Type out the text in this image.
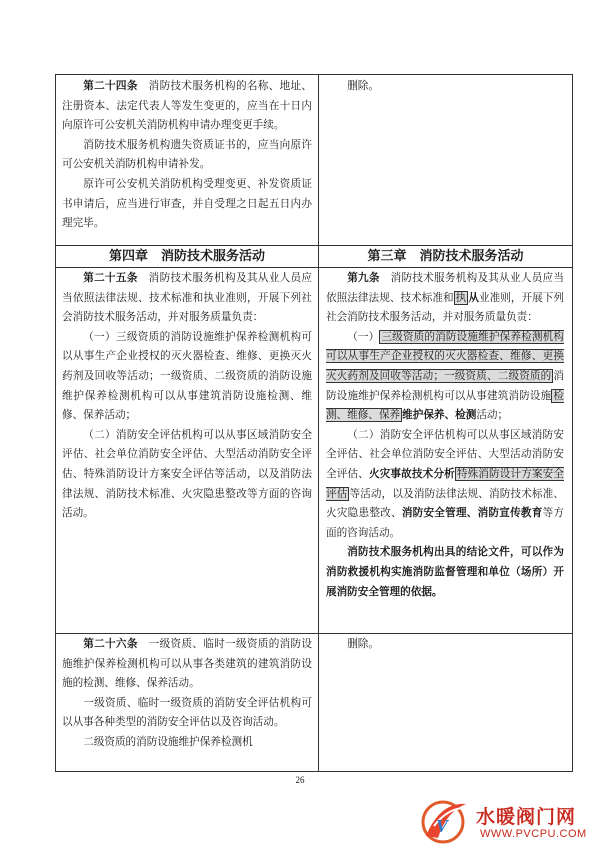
第二十四条　 消防技术服务机构的名称、地址、注册资本、法定代表人等发生变更的，应当在十日内向原许可公安机关消防机构申请办理变更手续。

消防技术服务机构遗失资质证书的，应当向原许可公安机关消防机构申请补发。

原许可公安机关消防机构受理变更、补发资质证书申请后，应当进行审查，并自受理之日起五日内办理完毕。

删除。

第四章　消防技术服务活动	第三章　消防技术服务活动

第二十五条　 消防技术服务机构及其从业人员应当依照法律法规、技术标准和执业准则，开展下列社会消防技术服务活动，并对服务质量负责：

（一）三级资质的消防设施维护保养检测机构可以从事生产企业授权的灭火器检查、维修、更换灭火药剂及回收等活动；一级资质、二级资质的消防设施维护保养检测机构可以从事建筑消防设施检测、维修、保养活动；

（二）消防安全评估机构可以从事区域消防安全评估、社会单位消防安全评估、大型活动消防安全评估、特殊消防设计方案安全评估等活动，以及消防法律法规、消防技术标准、火灾隐患整改等方面的咨询活动。

第九条　 消防技术服务机构及其从业人员应当依照法律法规、技术标准和 执 从业准则，开展下列社会消防技术服务活动，并对服务质量负责：

（一） 三级资质的消防设施维护保养检测机构可以从事生产企业授权的灭火器检查、维修、更换灭火药剂及回收等活动；一级资质、二级资质的 消防设施维护保养检测机构可以从事建筑消防设施 检测、维修、保养 维护保养、检测活动；

（二）消防安全评估机构可以从事区域消防安全评估、社会单位消防安全评估、大型活动消防安全评估、火灾事故技术分析 特殊消防设计方案安全评估 等活动，以及消防法律法规、消防技术标准、火灾隐患整改、消防安全管理、消防宣传教育等方面的咨询活动。

消防技术服务机构出具的结论文件，可以作为消防救援机构实施消防监督管理和单位（场所）开展消防安全管理的依据。

第二十六条　 一级资质、临时一级资质的消防设施维护保养检测机构可以从事各类建筑的建筑消防设施的检测、维修、保养活动。

一级资质、临时一级资质的消防安全评估机构可以从事各种类型的消防安全评估以及咨询活动。

二级资质的消防设施维护保养检测机

删除。

26
V 水暖阀门网
WWW.PVCPU.COM
